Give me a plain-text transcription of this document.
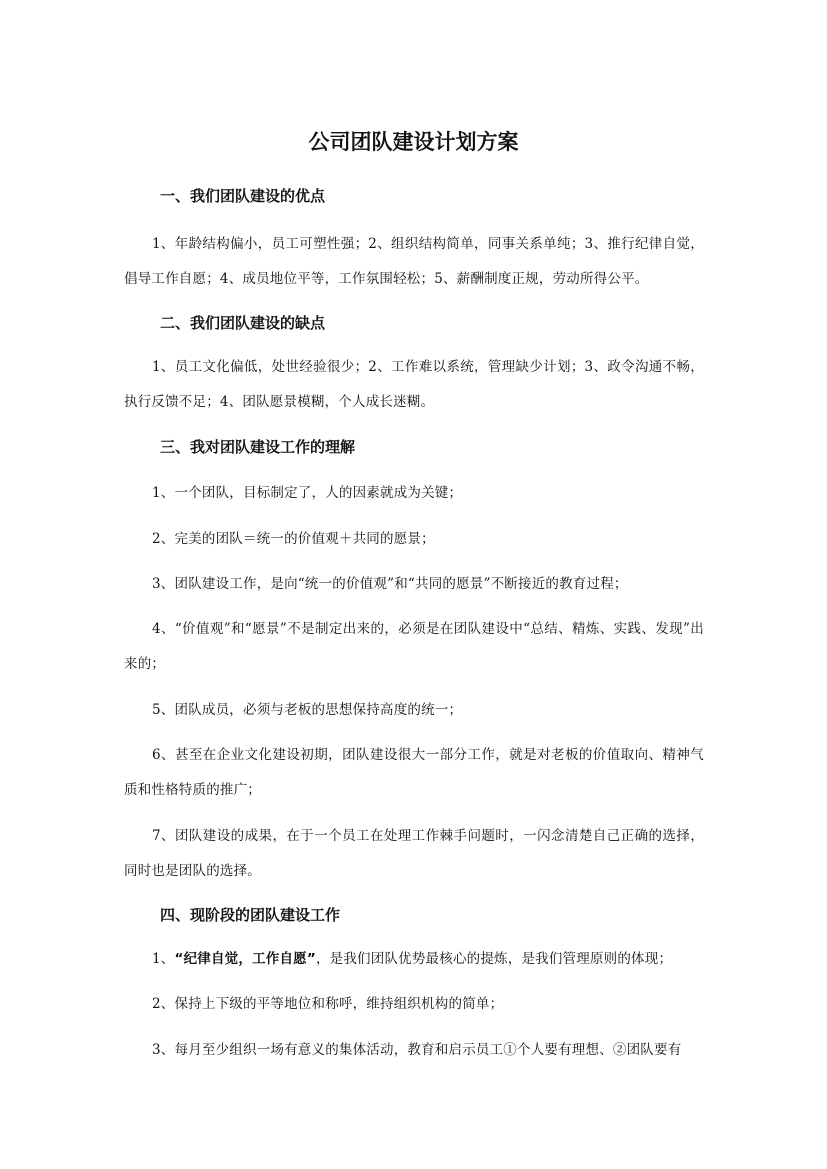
公司团队建设计划方案
一、我们团队建设的优点

1、年龄结构偏小，员工可塑性强；2、组织结构简单，同事关系单纯；3、推行纪律自觉，倡导工作自愿；4、成员地位平等，工作氛围轻松；5、薪酬制度正规，劳动所得公平。

二、我们团队建设的缺点

1、员工文化偏低，处世经验很少；2、工作难以系统，管理缺少计划；3、政令沟通不畅，执行反馈不足；4、团队愿景模糊，个人成长迷糊。

三、我对团队建设工作的理解

1、一个团队，目标制定了，人的因素就成为关键；

2、完美的团队＝统一的价值观＋共同的愿景；

3、团队建设工作，是向“统一的价值观”和“共同的愿景”不断接近的教育过程；

4、“价值观”和“愿景”不是制定出来的，必须是在团队建设中“总结、精炼、实践、发现”出来的；

5、团队成员，必须与老板的思想保持高度的统一；

6、甚至在企业文化建设初期，团队建设很大一部分工作，就是对老板的价值取向、精神气质和性格特质的推广；

7、团队建设的成果，在于一个员工在处理工作棘手问题时，一闪念清楚自己正确的选择，同时也是团队的选择。

四、现阶段的团队建设工作

1、“纪律自觉，工作自愿”，是我们团队优势最核心的提炼，是我们管理原则的体现；

2、保持上下级的平等地位和称呼，维持组织机构的简单；

3、每月至少组织一场有意义的集体活动，教育和启示员工①个人要有理想、②团队要有
